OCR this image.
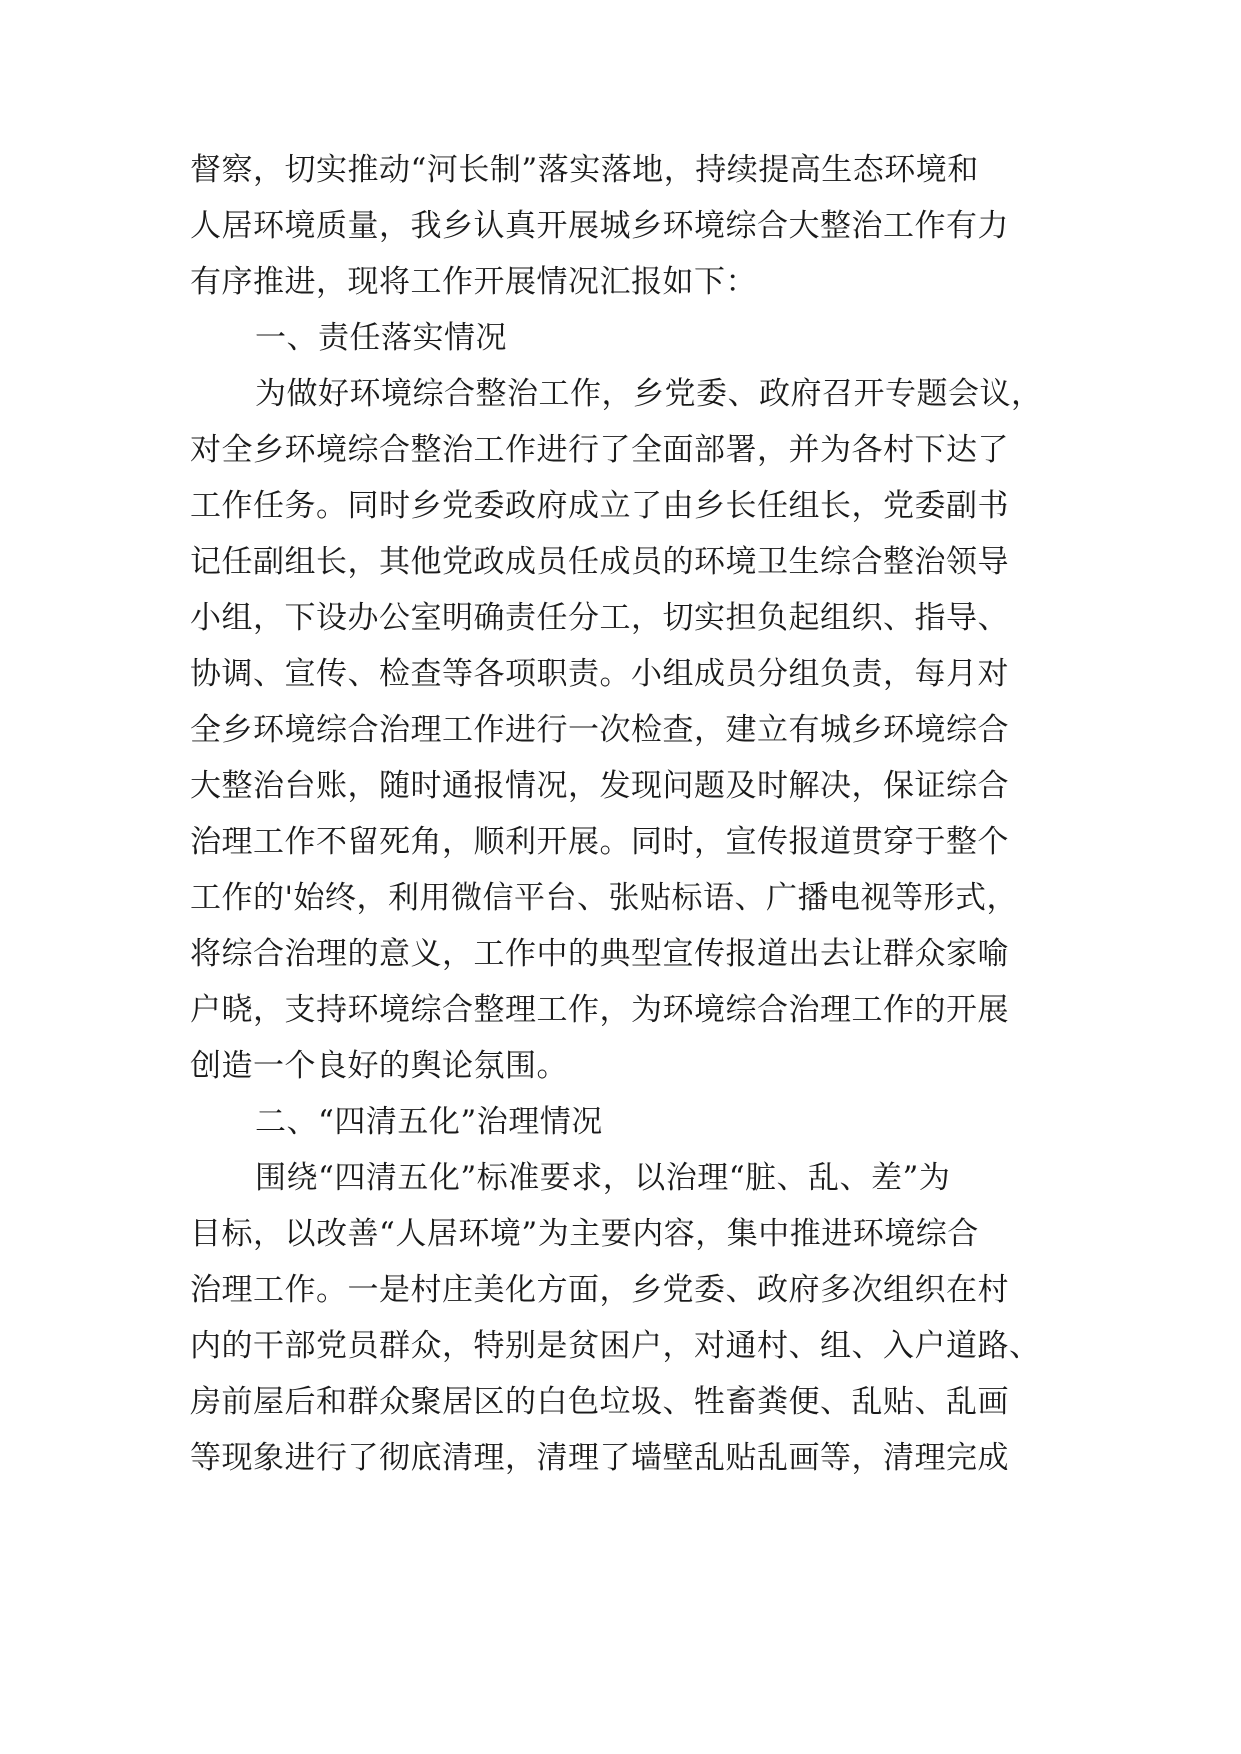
督察，切实推动“河长制”落实落地，持续提高生态环境和
人居环境质量，我乡认真开展城乡环境综合大整治工作有力
有序推进，现将工作开展情况汇报如下：
一、责任落实情况
为做好环境综合整治工作，乡党委、政府召开专题会议，
对全乡环境综合整治工作进行了全面部署，并为各村下达了
工作任务。同时乡党委政府成立了由乡长任组长，党委副书
记任副组长，其他党政成员任成员的环境卫生综合整治领导
小组，下设办公室明确责任分工，切实担负起组织、指导、
协调、宣传、检查等各项职责。小组成员分组负责，每月对
全乡环境综合治理工作进行一次检查，建立有城乡环境综合
大整治台账，随时通报情况，发现问题及时解决，保证综合
治理工作不留死角，顺利开展。同时，宣传报道贯穿于整个
工作的'始终，利用微信平台、张贴标语、广播电视等形式，
将综合治理的意义，工作中的典型宣传报道出去让群众家喻
户晓，支持环境综合整理工作，为环境综合治理工作的开展
创造一个良好的舆论氛围。
二、“四清五化”治理情况
围绕“四清五化”标准要求，以治理“脏、乱、差”为
目标，以改善“人居环境”为主要内容，集中推进环境综合
治理工作。一是村庄美化方面，乡党委、政府多次组织在村
内的干部党员群众，特别是贫困户，对通村、组、入户道路、
房前屋后和群众聚居区的白色垃圾、牲畜粪便、乱贴、乱画
等现象进行了彻底清理，清理了墙壁乱贴乱画等，清理完成
